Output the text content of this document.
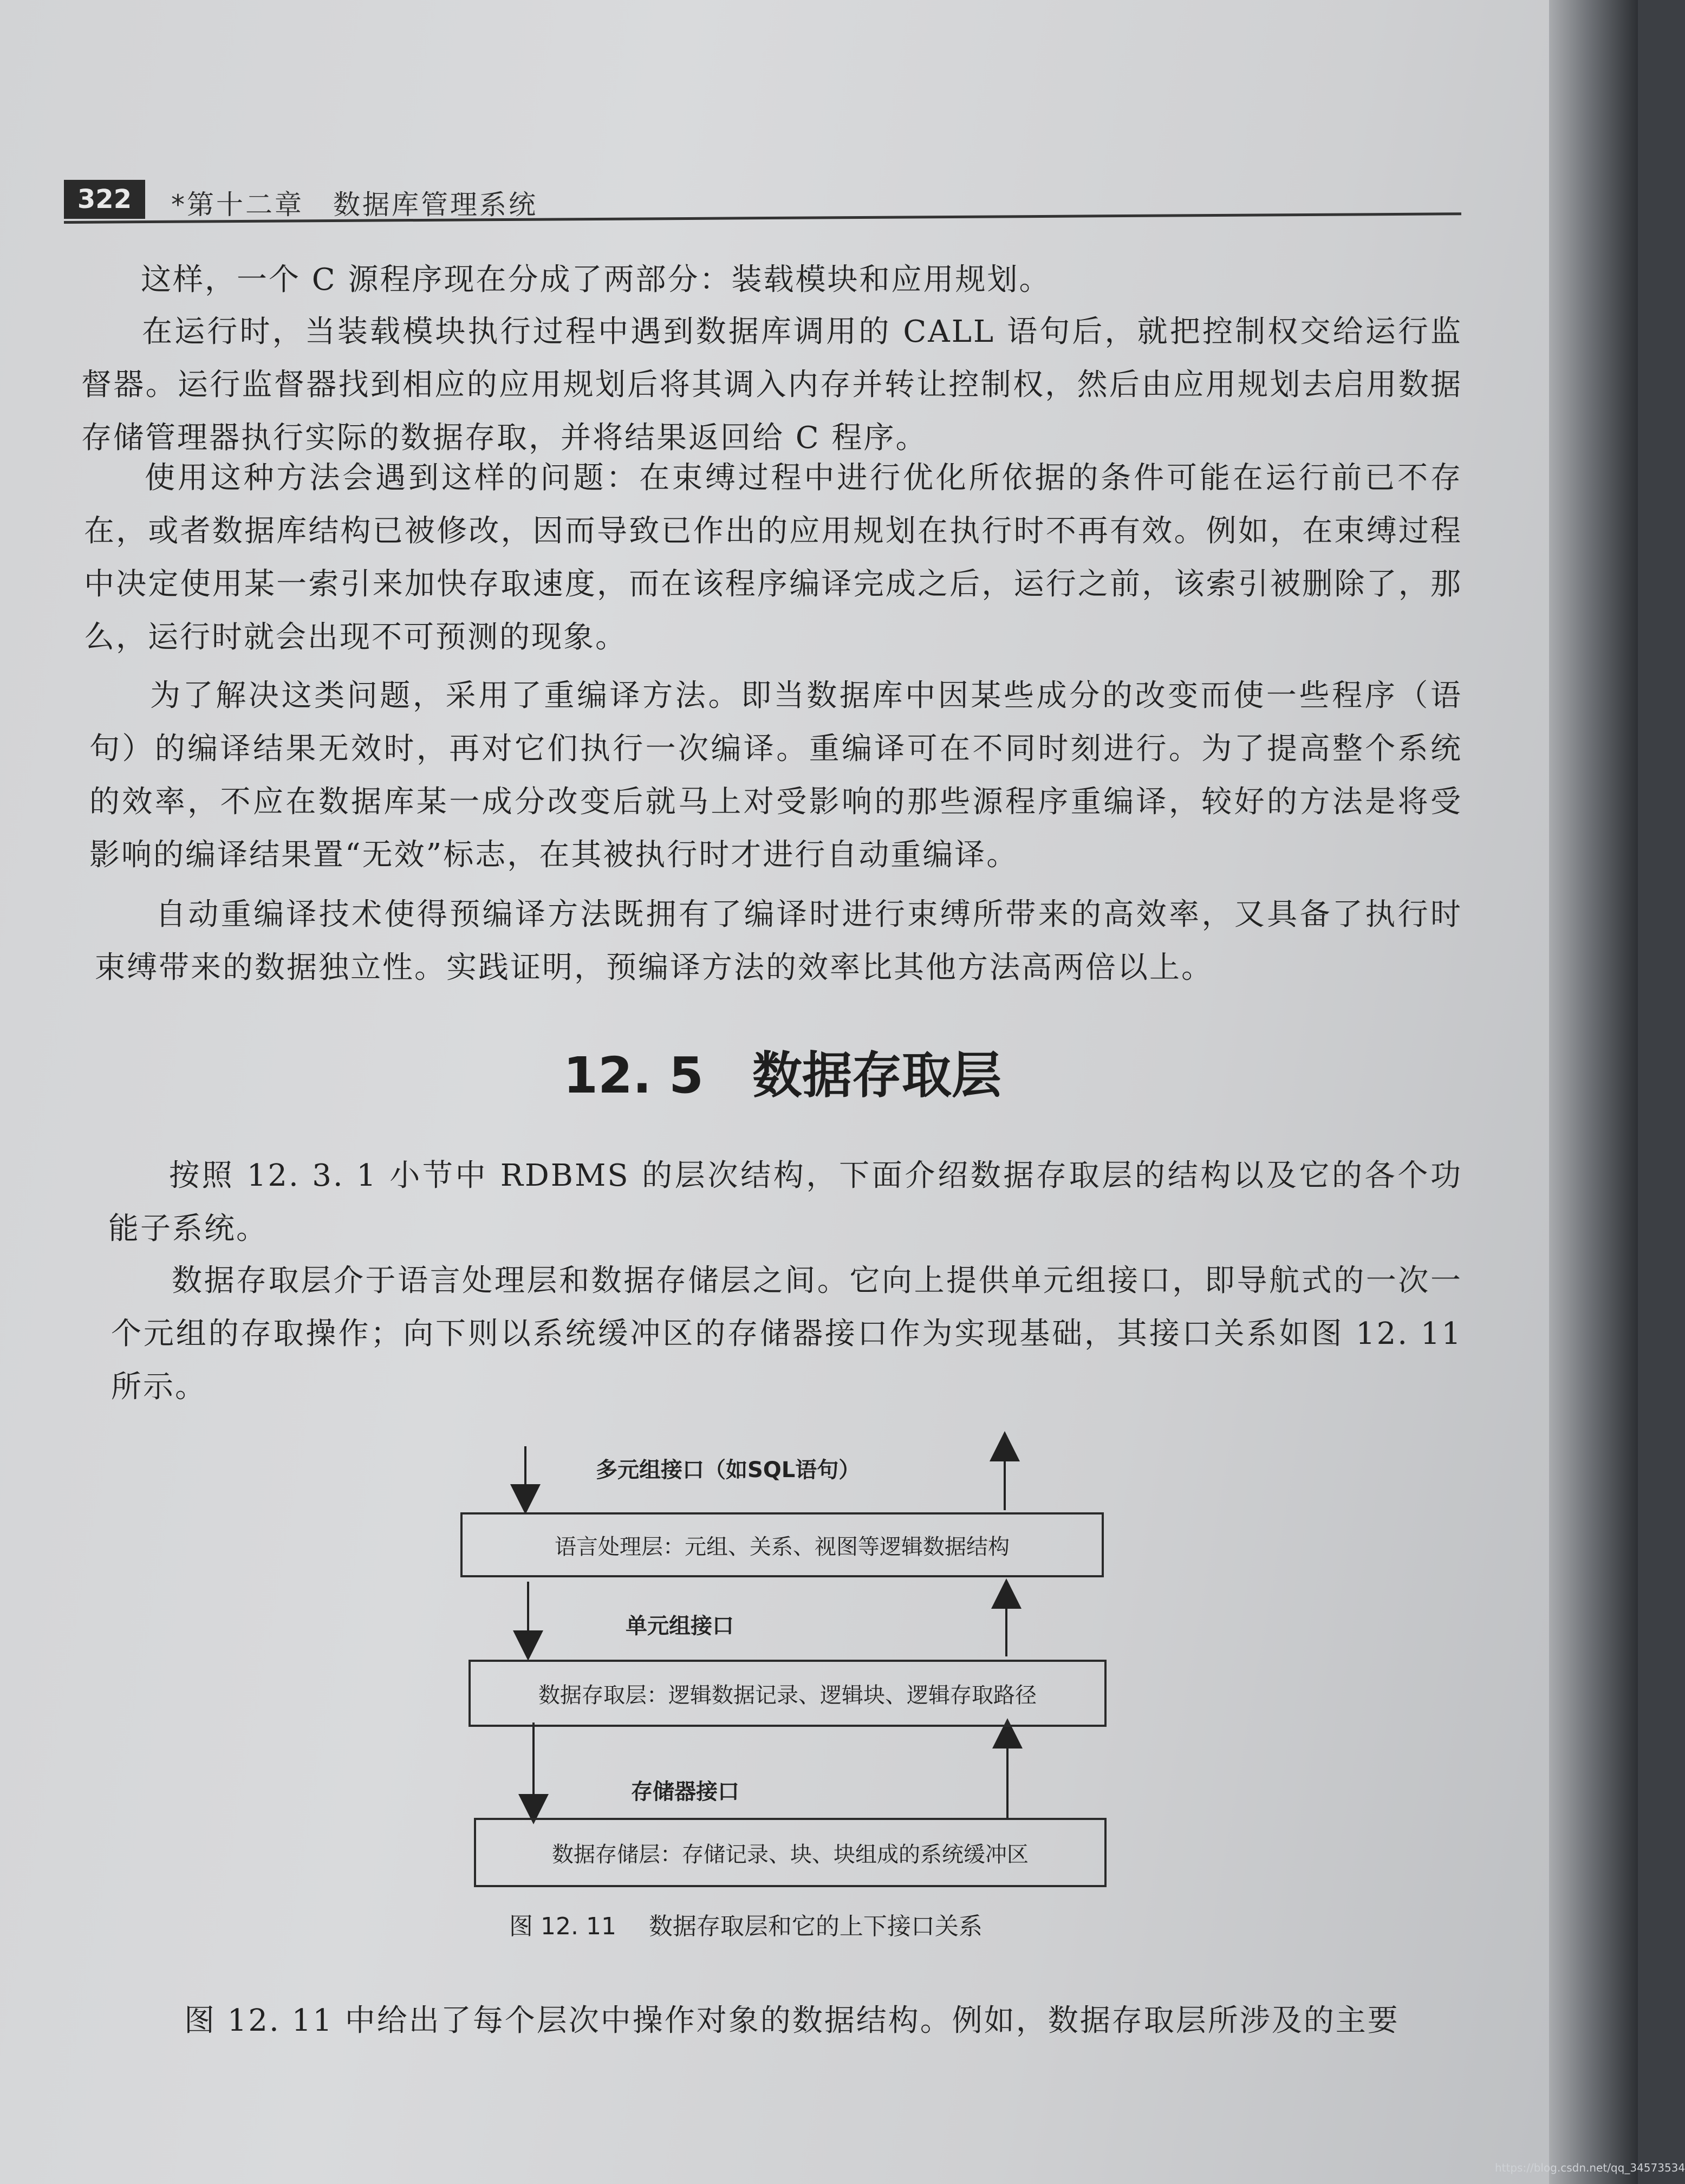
322	*第十二章　数据库管理系统

这样，一个 C 源程序现在分成了两部分：装载模块和应用规划。

在运行时，当装载模块执行过程中遇到数据库调用的 CALL 语句后，就把控制权交给运行监督器。运行监督器找到相应的应用规划后将其调入内存并转让控制权，然后由应用规划去启用数据存储管理器执行实际的数据存取，并将结果返回给 C 程序。

使用这种方法会遇到这样的问题：在束缚过程中进行优化所依据的条件可能在运行前已不存在，或者数据库结构已被修改，因而导致已作出的应用规划在执行时不再有效。例如，在束缚过程中决定使用某一索引来加快存取速度，而在该程序编译完成之后，运行之前，该索引被删除了，那么，运行时就会出现不可预测的现象。

为了解决这类问题，采用了重编译方法。即当数据库中因某些成分的改变而使一些程序（语句）的编译结果无效时，再对它们执行一次编译。重编译可在不同时刻进行。为了提高整个系统的效率，不应在数据库某一成分改变后就马上对受影响的那些源程序重编译，较好的方法是将受影响的编译结果置“无效”标志，在其被执行时才进行自动重编译。

自动重编译技术使得预编译方法既拥有了编译时进行束缚所带来的高效率，又具备了执行时束缚带来的数据独立性。实践证明，预编译方法的效率比其他方法高两倍以上。

12. 5 数据存取层

按照 12. 3. 1 小节中 RDBMS 的层次结构，下面介绍数据存取层的结构以及它的各个功能子系统。

数据存取层介于语言处理层和数据存储层之间。它向上提供单元组接口，即导航式的一次一个元组的存取操作；向下则以系统缓冲区的存储器接口作为实现基础，其接口关系如图 12. 11 所示。

多元组接口（如SQL语句）
语言处理层：元组、关系、视图等逻辑数据结构
单元组接口
数据存取层：逻辑数据记录、逻辑块、逻辑存取路径
存储器接口
数据存储层：存储记录、块、块组成的系统缓冲区
图 12. 11 数据存取层和它的上下接口关系

图 12. 11 中给出了每个层次中操作对象的数据结构。例如，数据存取层所涉及的主要

https://blog.csdn.net/qq_34573534
